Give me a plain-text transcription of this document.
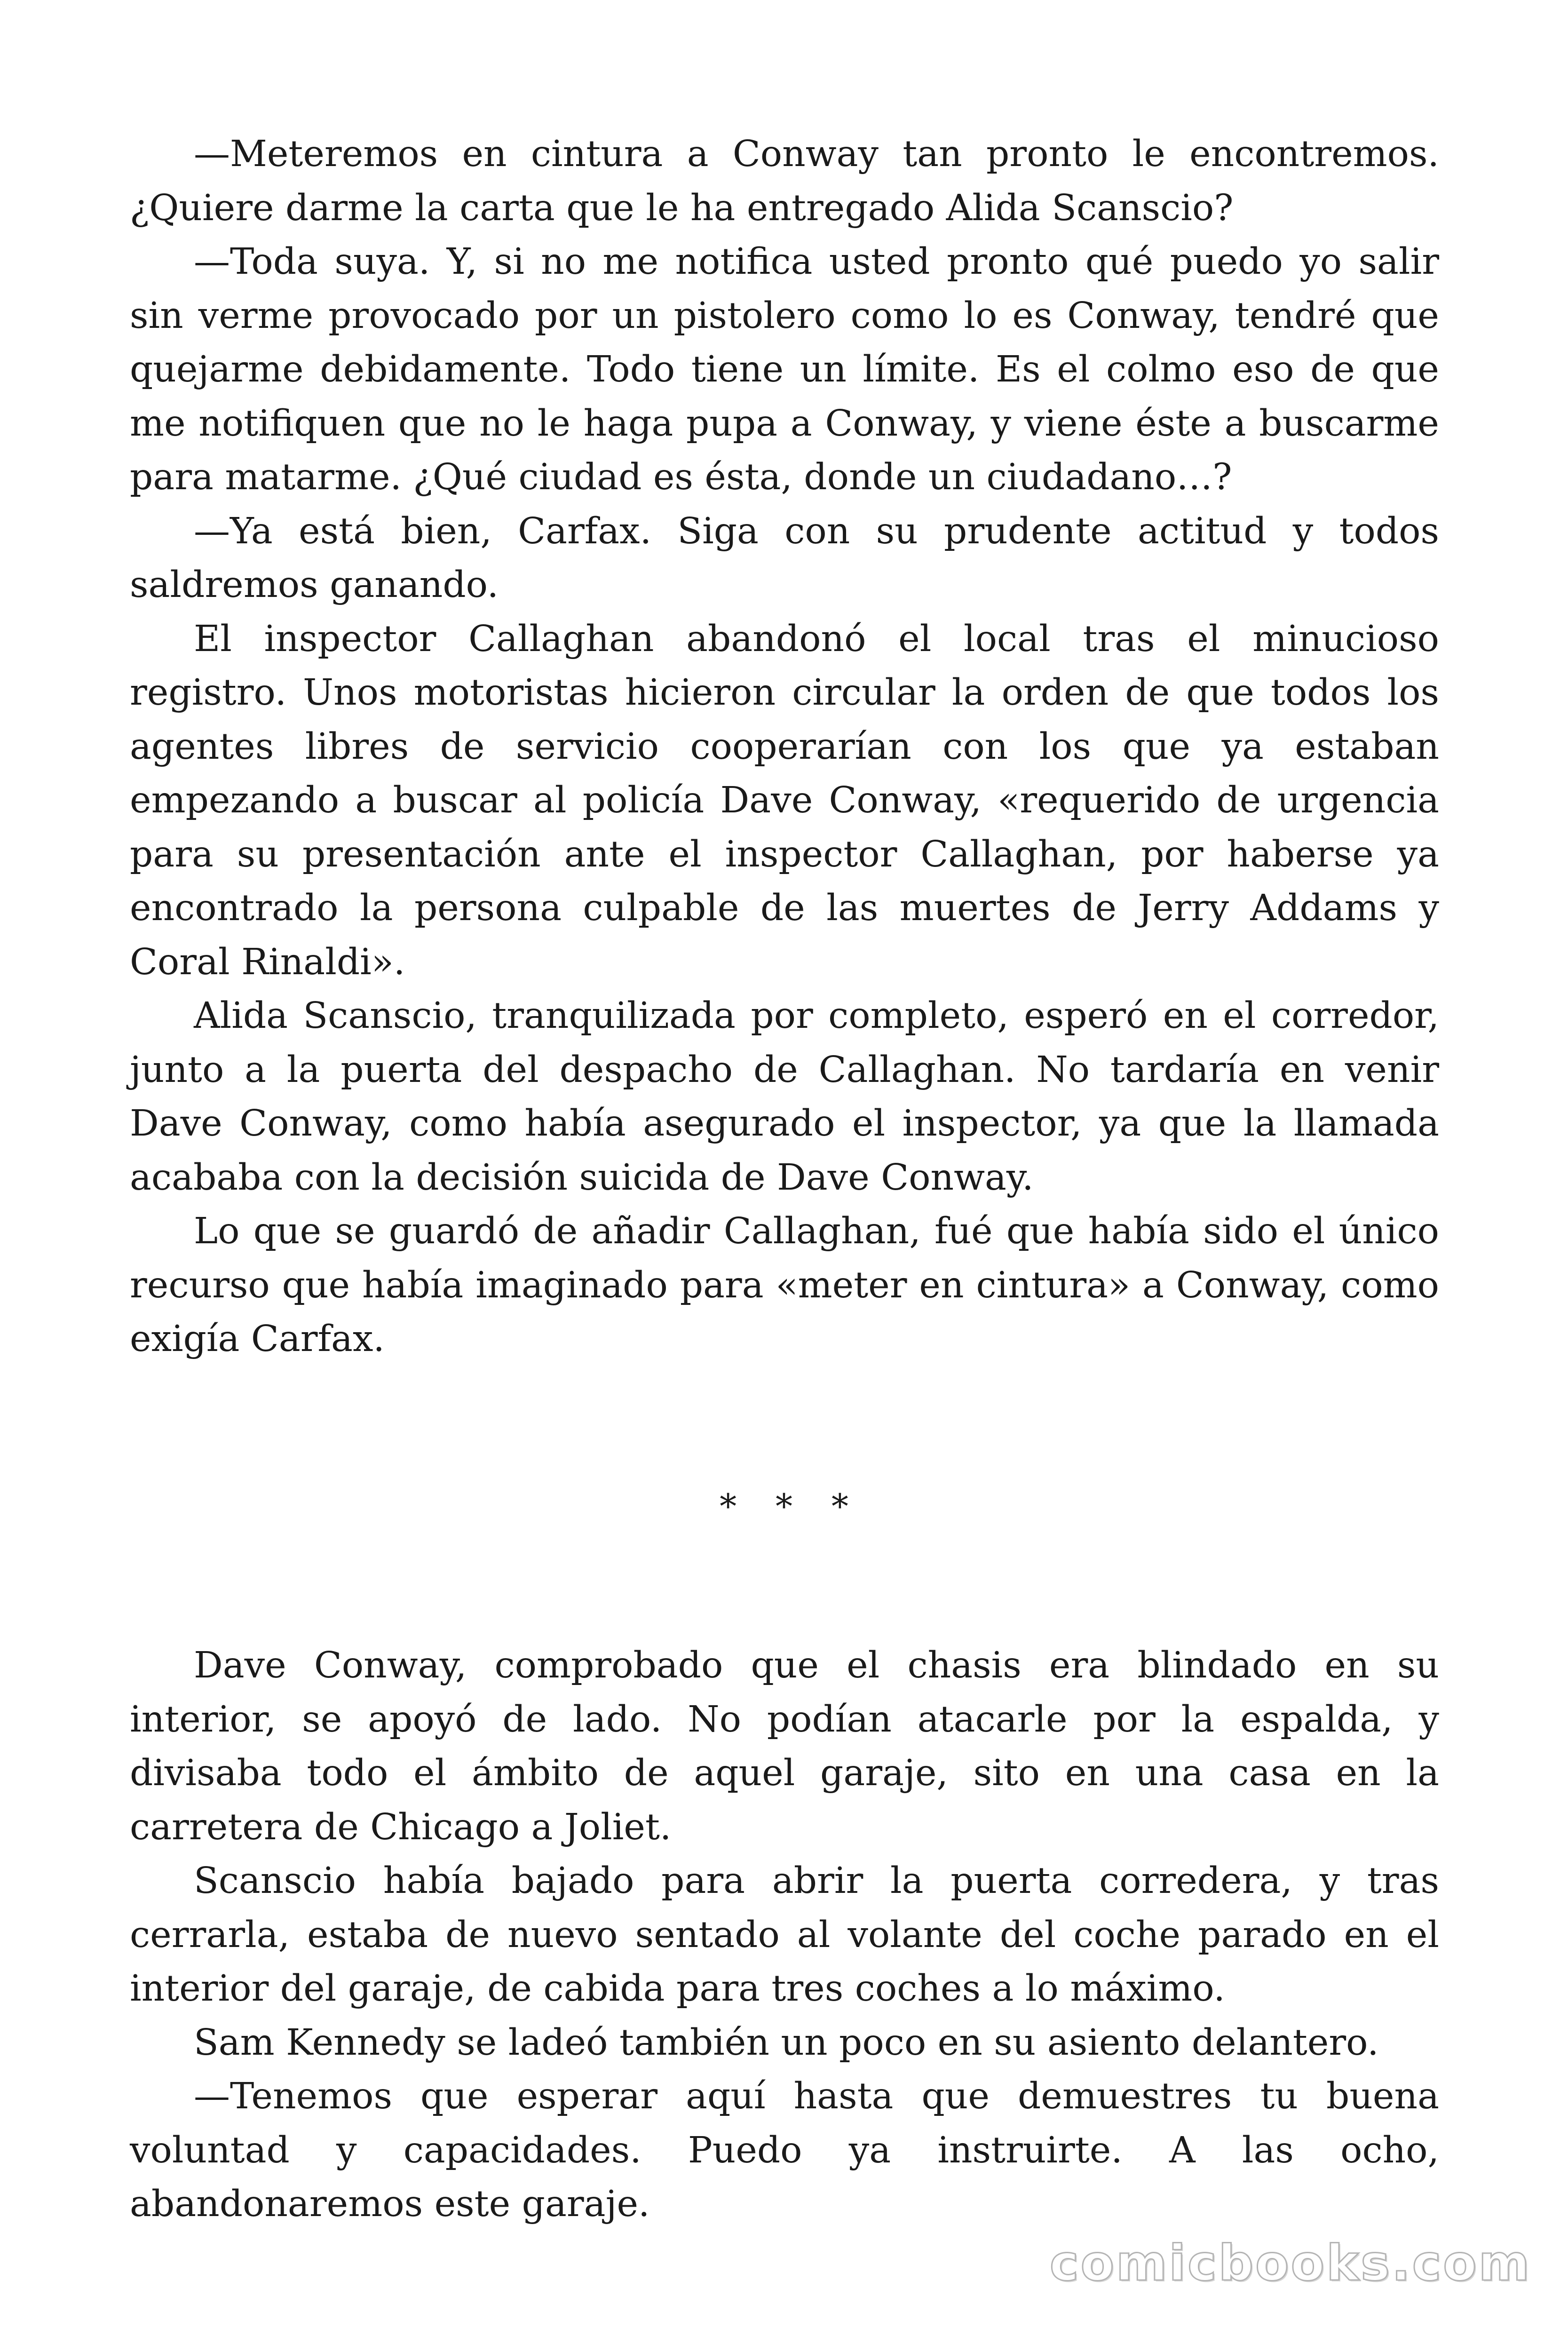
—Meteremos en cintura a Conway tan pronto le encontremos. ¿Quiere darme la carta que le ha entregado Alida Scanscio?

—Toda suya. Y, si no me notifica usted pronto qué puedo yo salir sin verme provocado por un pistolero como lo es Conway, tendré que quejarme debidamente. Todo tiene un límite. Es el colmo eso de que me notifiquen que no le haga pupa a Conway, y viene éste a buscarme para matarme. ¿Qué ciudad es ésta, donde un ciudadano…?

—Ya está bien, Carfax. Siga con su prudente actitud y todos saldremos ganando.

El inspector Callaghan abandonó el local tras el minucioso registro. Unos motoristas hicieron circular la orden de que todos los agentes libres de servicio cooperarían con los que ya estaban empezando a buscar al policía Dave Conway, «requerido de urgencia para su presentación ante el inspector Callaghan, por haberse ya encontrado la persona culpable de las muertes de Jerry Addams y Coral Rinaldi».

Alida Scanscio, tranquilizada por completo, esperó en el corredor, junto a la puerta del despacho de Callaghan. No tardaría en venir Dave Conway, como había asegurado el inspector, ya que la llamada acababa con la decisión suicida de Dave Conway.

Lo que se guardó de añadir Callaghan, fué que había sido el único recurso que había imaginado para «meter en cintura» a Conway, como exigía Carfax.

* * *

Dave Conway, comprobado que el chasis era blindado en su interior, se apoyó de lado. No podían atacarle por la espalda, y divisaba todo el ámbito de aquel garaje, sito en una casa en la carretera de Chicago a Joliet.

Scanscio había bajado para abrir la puerta corredera, y tras cerrarla, estaba de nuevo sentado al volante del coche parado en el interior del garaje, de cabida para tres coches a lo máximo.

Sam Kennedy se ladeó también un poco en su asiento delantero.

—Tenemos que esperar aquí hasta que demuestres tu buena voluntad y capacidades. Puedo ya instruirte. A las ocho, abandonaremos este garaje.

comicbooks.com
